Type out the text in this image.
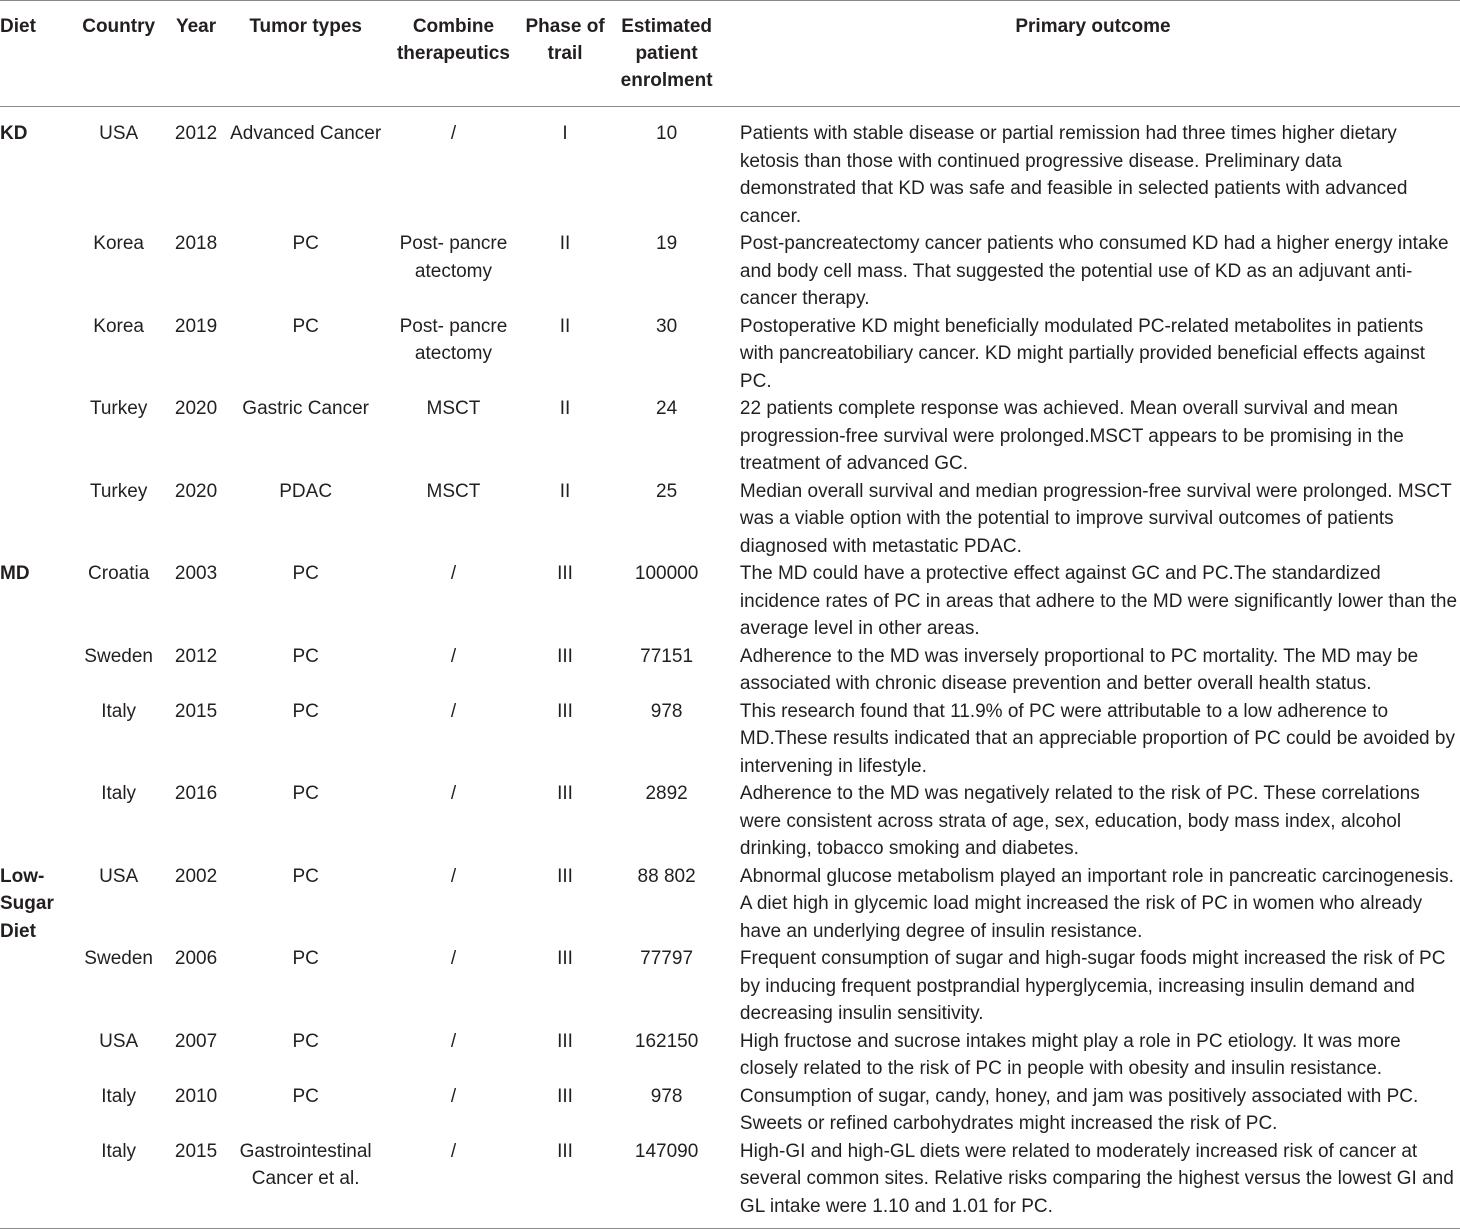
Diet	Country	Year	Tumor types	Combine therapeutics	Phase of trail	Estimated patient enrolment	Primary outcome
KD	USA	2012	Advanced Cancer	/	I	10	Patients with stable disease or partial remission had three times higher dietary ketosis than those with continued progressive disease. Preliminary data demonstrated that KD was safe and feasible in selected patients with advanced cancer.
	Korea	2018	PC	Post- pancre atectomy	II	19	Post-pancreatectomy cancer patients who consumed KD had a higher energy intake and body cell mass. That suggested the potential use of KD as an adjuvant anti-cancer therapy.
	Korea	2019	PC	Post- pancre atectomy	II	30	Postoperative KD might beneficially modulated PC-related metabolites in patients with pancreatobiliary cancer. KD might partially provided beneficial effects against PC.
	Turkey	2020	Gastric Cancer	MSCT	II	24	22 patients complete response was achieved. Mean overall survival and mean progression-free survival were prolonged.MSCT appears to be promising in the treatment of advanced GC.
	Turkey	2020	PDAC	MSCT	II	25	Median overall survival and median progression-free survival were prolonged. MSCT was a viable option with the potential to improve survival outcomes of patients diagnosed with metastatic PDAC.
MD	Croatia	2003	PC	/	III	100000	The MD could have a protective effect against GC and PC.The standardized incidence rates of PC in areas that adhere to the MD were significantly lower than the average level in other areas.
	Sweden	2012	PC	/	III	77151	Adherence to the MD was inversely proportional to PC mortality. The MD may be associated with chronic disease prevention and better overall health status.
	Italy	2015	PC	/	III	978	This research found that 11.9% of PC were attributable to a low adherence to MD.These results indicated that an appreciable proportion of PC could be avoided by intervening in lifestyle.
	Italy	2016	PC	/	III	2892	Adherence to the MD was negatively related to the risk of PC. These correlations were consistent across strata of age, sex, education, body mass index, alcohol drinking, tobacco smoking and diabetes.
Low- Sugar Diet	USA	2002	PC	/	III	88 802	Abnormal glucose metabolism played an important role in pancreatic carcinogenesis. A diet high in glycemic load might increased the risk of PC in women who already have an underlying degree of insulin resistance.
	Sweden	2006	PC	/	III	77797	Frequent consumption of sugar and high-sugar foods might increased the risk of PC by inducing frequent postprandial hyperglycemia, increasing insulin demand and decreasing insulin sensitivity.
	USA	2007	PC	/	III	162150	High fructose and sucrose intakes might play a role in PC etiology. It was more closely related to the risk of PC in people with obesity and insulin resistance.
	Italy	2010	PC	/	III	978	Consumption of sugar, candy, honey, and jam was positively associated with PC. Sweets or refined carbohydrates might increased the risk of PC.
	Italy	2015	Gastrointestinal Cancer et al.	/	III	147090	High-GI and high-GL diets were related to moderately increased risk of cancer at several common sites. Relative risks comparing the highest versus the lowest GI and GL intake were 1.10 and 1.01 for PC.
